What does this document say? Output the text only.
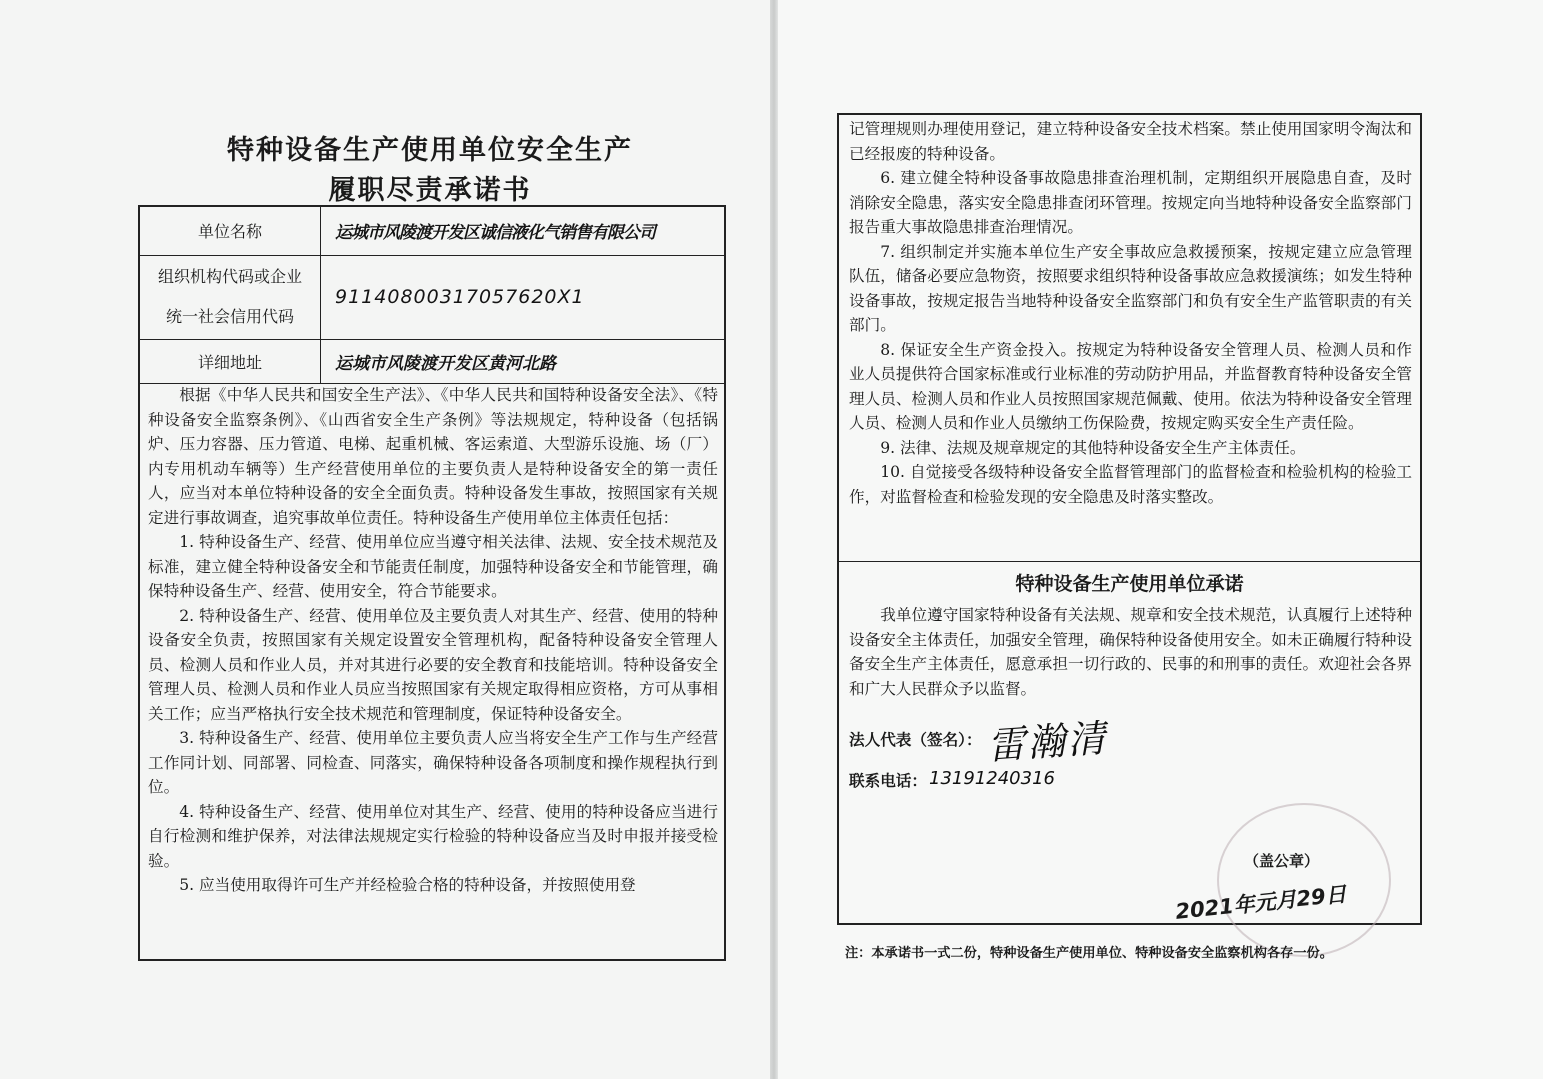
特种设备生产使用单位安全生产
履职尽责承诺书
单位名称	运城市风陵渡开发区诚信液化气销售有限公司

组织机构代码或企业
统一社会信用代码	91140800317057620X1
详细地址	运城市风陵渡开发区黄河北路

根据《中华人民共和国安全生产法》、《中华人民共和国特种设备安全法》、《特种设备安全监察条例》、《山西省安全生产条例》等法规规定，特种设备（包括锅炉、压力容器、压力管道、电梯、起重机械、客运索道、大型游乐设施、场（厂）内专用机动车辆等）生产经营使用单位的主要负责人是特种设备安全的第一责任人，应当对本单位特种设备的安全全面负责。特种设备发生事故，按照国家有关规定进行事故调查，追究事故单位责任。特种设备生产使用单位主体责任包括：

1. 特种设备生产、经营、使用单位应当遵守相关法律、法规、安全技术规范及标准，建立健全特种设备安全和节能责任制度，加强特种设备安全和节能管理，确保特种设备生产、经营、使用安全，符合节能要求。

2. 特种设备生产、经营、使用单位及主要负责人对其生产、经营、使用的特种设备安全负责，按照国家有关规定设置安全管理机构，配备特种设备安全管理人员、检测人员和作业人员，并对其进行必要的安全教育和技能培训。特种设备安全管理人员、检测人员和作业人员应当按照国家有关规定取得相应资格，方可从事相关工作；应当严格执行安全技术规范和管理制度，保证特种设备安全。

3. 特种设备生产、经营、使用单位主要负责人应当将安全生产工作与生产经营工作同计划、同部署、同检查、同落实，确保特种设备各项制度和操作规程执行到位。

4. 特种设备生产、经营、使用单位对其生产、经营、使用的特种设备应当进行自行检测和维护保养，对法律法规规定实行检验的特种设备应当及时申报并接受检验。

5. 应当使用取得许可生产并经检验合格的特种设备，并按照使用登

记管理规则办理使用登记，建立特种设备安全技术档案。禁止使用国家明令淘汰和已经报废的特种设备。

6. 建立健全特种设备事故隐患排查治理机制，定期组织开展隐患自查，及时消除安全隐患，落实安全隐患排查闭环管理。按规定向当地特种设备安全监察部门报告重大事故隐患排查治理情况。

7. 组织制定并实施本单位生产安全事故应急救援预案，按规定建立应急管理队伍，储备必要应急物资，按照要求组织特种设备事故应急救援演练；如发生特种设备事故，按规定报告当地特种设备安全监察部门和负有安全生产监管职责的有关部门。

8. 保证安全生产资金投入。按规定为特种设备安全管理人员、检测人员和作业人员提供符合国家标准或行业标准的劳动防护用品，并监督教育特种设备安全管理人员、检测人员和作业人员按照国家规范佩戴、使用。依法为特种设备安全管理人员、检测人员和作业人员缴纳工伤保险费，按规定购买安全生产责任险。

9. 法律、法规及规章规定的其他特种设备安全生产主体责任。

10. 自觉接受各级特种设备安全监督管理部门的监督检查和检验机构的检验工作，对监督检查和检验发现的安全隐患及时落实整改。

特种设备生产使用单位承诺

我单位遵守国家特种设备有关法规、规章和安全技术规范，认真履行上述特种设备安全主体责任，加强安全管理，确保特种设备使用安全。如未正确履行特种设备安全生产主体责任，愿意承担一切行政的、民事的和刑事的责任。欢迎社会各界和广大人民群众予以监督。

法人代表（签名）： 雷瀚清
联系电话： 13191240316
（盖公章）
2021年元月29日
注：本承诺书一式二份，特种设备生产使用单位、特种设备安全监察机构各存一份。
